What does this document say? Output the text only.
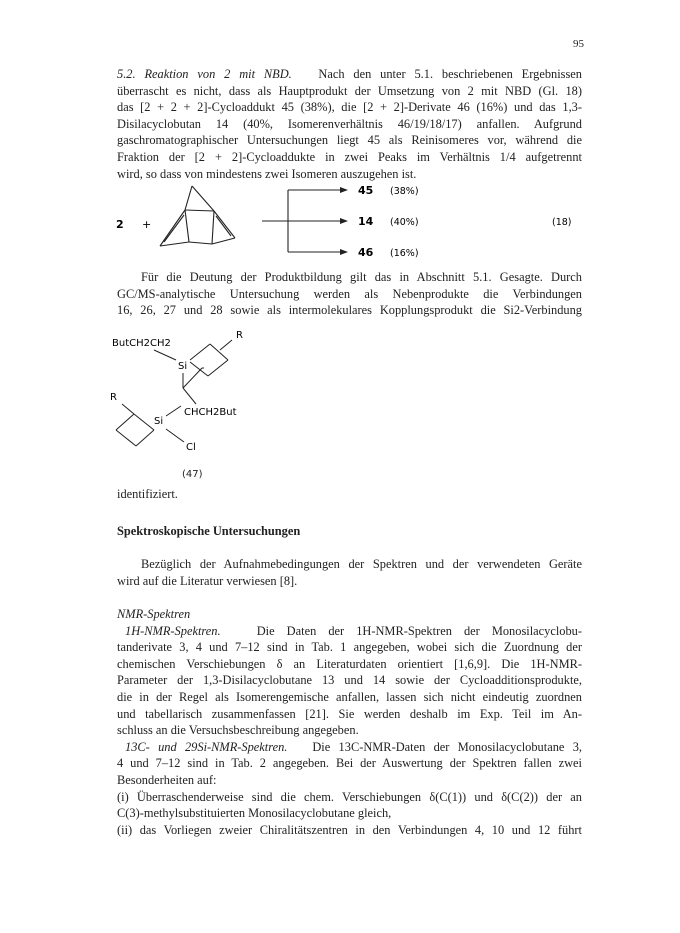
95

5.2. Reaktion von 2 mit NBD. Nach den unter 5.1. beschriebenen Ergebnissen

überrascht es nicht, dass als Hauptprodukt der Umsetzung von 2 mit NBD (Gl. 18)

das [2 + 2 + 2]-Cycloaddukt 45 (38%), die [2 + 2]-Derivate 46 (16%) und das 1,3-

Disilacyclobutan 14 (40%, Isomerenverhältnis 46/19/18/17) anfallen. Aufgrund

gaschromatographischer Untersuchungen liegt 45 als Reinisomeres vor, während die

Fraktion der [2 + 2]-Cycloaddukte in zwei Peaks im Verhältnis 1/4 aufgetrennt

wird, so dass von mindestens zwei Isomeren auszugehen ist.

2 +
45 (38%)
14 (40%)
46 (16%)
(18)

Für die Deutung der Produktbildung gilt das in Abschnitt 5.1. Gesagte. Durch

GC/MS-analytische Untersuchung werden als Nebenprodukte die Verbindungen

16, 26, 27 und 28 sowie als intermolekulares Kopplungsprodukt die Si2-Verbindung

ButCH2CH2
R
Si
CHCH2But
R
Si
Cl
(47)

identifiziert.

Spektroskopische Untersuchungen

Bezüglich der Aufnahmebedingungen der Spektren und der verwendeten Geräte

wird auf die Literatur verwiesen [8].

NMR-Spektren

1H-NMR-Spektren.	Die Daten der 1H-NMR-Spektren der Monosilacyclobu-

tanderivate 3, 4 und 7–12 sind in Tab. 1 angegeben, wobei sich die Zuordnung der

chemischen Verschiebungen δ an Literaturdaten orientiert [1,6,9]. Die 1H-NMR-

Parameter der 1,3-Disilacyclobutane 13 und 14 sowie der Cycloadditionsprodukte,

die in der Regel als Isomerengemische anfallen, lassen sich nicht eindeutig zuordnen

und tabellarisch zusammenfassen [21]. Sie werden deshalb im Exp. Teil im An-

schluss an die Versuchsbeschreibung angegeben.

13C- und 29Si-NMR-Spektren. Die 13C-NMR-Daten der Monosilacyclobutane 3,

4 und 7–12 sind in Tab. 2 angegeben. Bei der Auswertung der Spektren fallen zwei

Besonderheiten auf:

(i) Überraschenderweise sind die chem. Verschiebungen δ(C(1)) und δ(C(2)) der an

C(3)-methylsubstituierten Monosilacyclobutane gleich,

(ii) das Vorliegen zweier Chiralitätszentren in den Verbindungen 4, 10 und 12 führt
